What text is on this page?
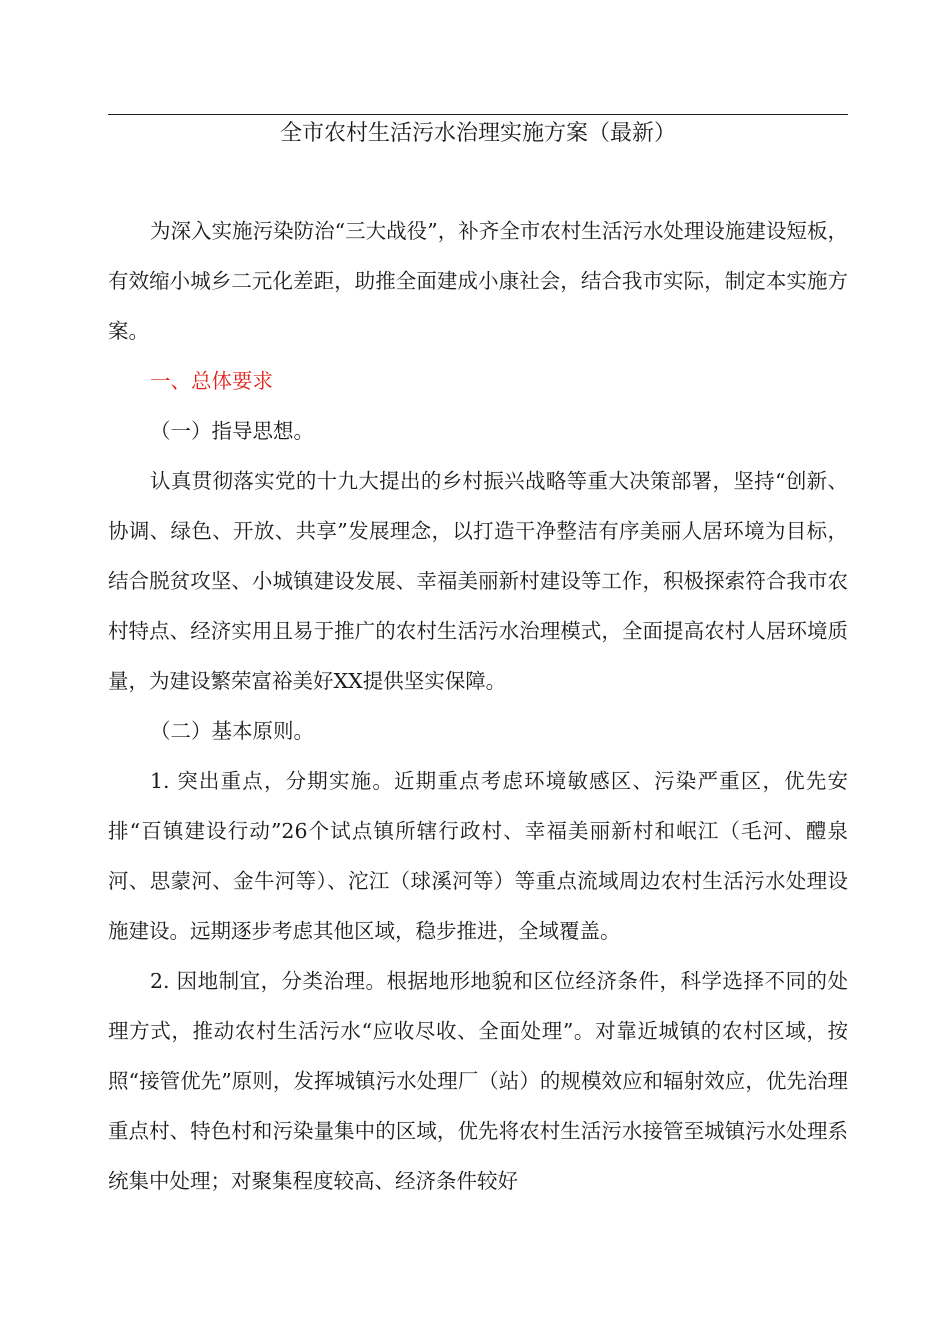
全市农村生活污水治理实施方案（最新）

为深入实施污染防治“三大战役”，补齐全市农村生活污水处理设施建设短板，有效缩小城乡二元化差距，助推全面建成小康社会，结合我市实际，制定本实施方案。

一、总体要求

（一）指导思想。

认真贯彻落实党的十九大提出的乡村振兴战略等重大决策部署，坚持“创新、协调、绿色、开放、共享”发展理念，以打造干净整洁有序美丽人居环境为目标，结合脱贫攻坚、小城镇建设发展、幸福美丽新村建设等工作，积极探索符合我市农村特点、经济实用且易于推广的农村生活污水治理模式，全面提高农村人居环境质量，为建设繁荣富裕美好XX提供坚实保障。

（二）基本原则。

1. 突出重点，分期实施。近期重点考虑环境敏感区、污染严重区，优先安排“百镇建设行动”26个试点镇所辖行政村、幸福美丽新村和岷江（毛河、醴泉河、思蒙河、金牛河等）、沱江（球溪河等）等重点流域周边农村生活污水处理设施建设。远期逐步考虑其他区域，稳步推进，全域覆盖。

2. 因地制宜，分类治理。根据地形地貌和区位经济条件，科学选择不同的处理方式，推动农村生活污水“应收尽收、全面处理”。对靠近城镇的农村区域，按照“接管优先”原则，发挥城镇污水处理厂（站）的规模效应和辐射效应，优先治理重点村、特色村和污染量集中的区域，优先将农村生活污水接管至城镇污水处理系统集中处理；对聚集程度较高、经济条件较好
